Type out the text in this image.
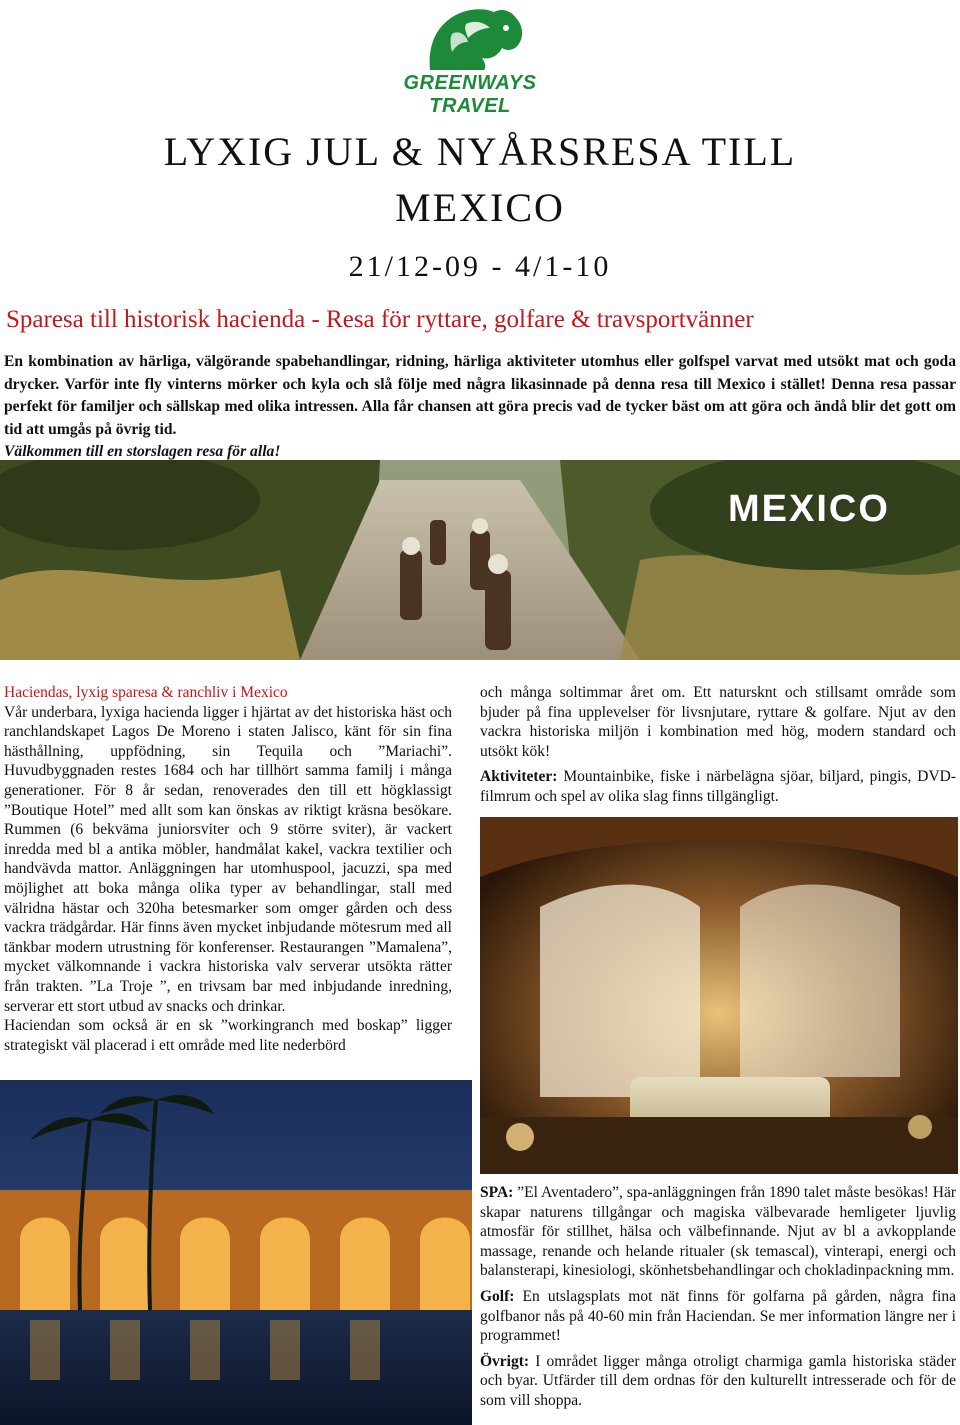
GREENWAYS TRAVEL
LYXIG JUL & NYÅRSRESA TILL
MEXICO
21/12-09 - 4/1-10
Sparesa till historisk hacienda - Resa för ryttare, golfare & travsportvänner
En kombination av härliga, välgörande spabehandlingar, ridning, härliga aktiviteter utomhus eller golfspel varvat med utsökt mat och goda drycker. Varför inte fly vinterns mörker och kyla och slå följe med några likasinnade på denna resa till Mexico i stället! Denna resa passar perfekt för familjer och sällskap med olika intressen. Alla får chansen att göra precis vad de tycker bäst om att göra och ändå blir det gott om tid att umgås på övrig tid.
Välkommen till en storslagen resa för alla!
MEXICO

Haciendas, lyxig sparesa & ranchliv i Mexico

Vår underbara, lyxiga hacienda ligger i hjärtat av det historiska häst och ranchlandskapet Lagos De Moreno i staten Jalisco, känt för sin fina hästhållning, uppfödning, sin Tequila och ”Mariachi”. Huvudbyggnaden restes 1684 och har tillhört samma familj i många generationer. För 8 år sedan, renoverades den till ett högklassigt ”Boutique Hotel” med allt som kan önskas av riktigt kräsna besökare. Rummen (6 bekväma juniorsviter och 9 större sviter), är vackert inredda med bl a antika möbler, handmålat kakel, vackra textilier och handvävda mattor. Anläggningen har utomhuspool, jacuzzi, spa med möjlighet att boka många olika typer av behandlingar, stall med välridna hästar och 320ha betesmarker som omger gården och dess vackra trädgårdar. Här finns även mycket inbjudande mötesrum med all tänkbar modern utrustning för konferenser. Restaurangen ”Mamalena”, mycket välkomnande i vackra historiska valv serverar utsökta rätter från trakten. ”La Troje ”, en trivsam bar med inbjudande inredning, serverar ett stort utbud av snacks och drinkar.

Haciendan som också är en sk ”workingranch med boskap” ligger strategiskt väl placerad i ett område med lite nederbörd

och många soltimmar året om. Ett natursknt och stillsamt område som bjuder på fina upplevelser för livsnjutare, ryttare & golfare. Njut av den vackra historiska miljön i kombination med hög, modern standard och utsökt kök!

Aktiviteter: Mountainbike, fiske i närbelägna sjöar, biljard, pingis, DVD-filmrum och spel av olika slag finns tillgängligt.

SPA: ”El Aventadero”, spa-anläggningen från 1890 talet måste besökas! Här skapar naturens tillgångar och magiska välbevarade hemligeter ljuvlig atmosfär för stillhet, hälsa och välbefinnande. Njut av bl a avkopplande massage, renande och helande ritualer (sk temascal), vinterapi, energi och balansterapi, kinesiologi, skönhetsbehandlingar och chokladinpackning mm.

Golf: En utslagsplats mot nät finns för golfarna på gården, några fina golfbanor nås på 40-60 min från Haciendan. Se mer information längre ner i programmet!

Övrigt: I området ligger många otroligt charmiga gamla historiska städer och byar. Utfärder till dem ordnas för den kulturellt intresserade och för de som vill shoppa.
